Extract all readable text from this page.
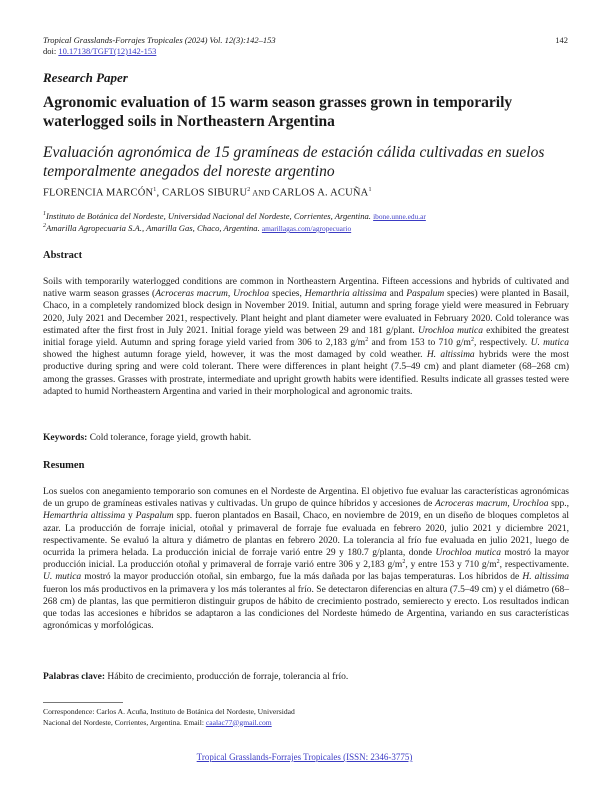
Tropical Grasslands-Forrajes Tropicales (2024) Vol. 12(3):142–153
doi: 10.17138/TGFT(12)142-153
142
Research Paper
Agronomic evaluation of 15 warm season grasses grown in temporarily waterlogged soils in Northeastern Argentina
Evaluación agronómica de 15 gramíneas de estación cálida cultivadas en suelos temporalmente anegados del noreste argentino
FLORENCIA MARCÓN$^1$, CARLOS SIBURU$^2$ AND CARLOS A. ACUÑA$^1$
$^1$Instituto de Botánica del Nordeste, Universidad Nacional del Nordeste, Corrientes, Argentina. ibone.unne.edu.ar
$^2$Amarilla Agropecuaria S.A., Amarilla Gas, Chaco, Argentina. amarillagas.com/agropecuario
Abstract
Soils with temporarily waterlogged conditions are common in Northeastern Argentina. Fifteen accessions and hybrids of cultivated and native warm season grasses (Acroceras macrum, Urochloa species, Hemarthria altissima and Paspalum species) were planted in Basail, Chaco, in a completely randomized block design in November 2019. Initial, autumn and spring forage yield were measured in February 2020, July 2021 and December 2021, respectively. Plant height and plant diameter were evaluated in February 2020. Cold tolerance was estimated after the first frost in July 2021. Initial forage yield was between 29 and 181 g/plant. Urochloa mutica exhibited the greatest initial forage yield. Autumn and spring forage yield varied from 306 to 2,183 $g/m^2$ and from 153 to 710 $g/m^2$, respectively. U. mutica showed the highest autumn forage yield, however, it was the most damaged by cold weather. H. altissima hybrids were the most productive during spring and were cold tolerant. There were differences in plant height (7.5–49 cm) and plant diameter (68–268 cm) among the grasses. Grasses with prostrate, intermediate and upright growth habits were identified. Results indicate all grasses tested were adapted to humid Northeastern Argentina and varied in their morphological and agronomic traits.
Keywords: Cold tolerance, forage yield, growth habit.
Resumen
Los suelos con anegamiento temporario son comunes en el Nordeste de Argentina. El objetivo fue evaluar las características agronómicas de un grupo de gramíneas estivales nativas y cultivadas. Un grupo de quince híbridos y accesiones de Acroceras macrum, Urochloa spp., Hemarthria altissima y Paspalum spp. fueron plantados en Basail, Chaco, en noviembre de 2019, en un diseño de bloques completos al azar. La producción de forraje inicial, otoñal y primaveral de forraje fue evaluada en febrero 2020, julio 2021 y diciembre 2021, respectivamente. Se evaluó la altura y diámetro de plantas en febrero 2020. La tolerancia al frío fue evaluada en julio 2021, luego de ocurrida la primera helada. La producción inicial de forraje varió entre 29 y 180.7 g/planta, donde Urochloa mutica mostró la mayor producción inicial. La producción otoñal y primaveral de forraje varió entre 306 y 2,183 $g/m^2$, y entre 153 y 710 $g/m^2$, respectivamente. U. mutica mostró la mayor producción otoñal, sin embargo, fue la más dañada por las bajas temperaturas. Los híbridos de H. altissima fueron los más productivos en la primavera y los más tolerantes al frío. Se detectaron diferencias en altura (7.5–49 cm) y el diámetro (68–268 cm) de plantas, las que permitieron distinguir grupos de hábito de crecimiento postrado, semierecto y erecto. Los resultados indican que todas las accesiones e híbridos se adaptaron a las condiciones del Nordeste húmedo de Argentina, variando en sus características agronómicas y morfológicas.
Palabras clave: Hábito de crecimiento, producción de forraje, tolerancia al frío.
Correspondence: Carlos A. Acuña, Instituto de Botánica del Nordeste, Universidad Nacional del Nordeste, Corrientes, Argentina. Email: caalac77@gmail.com
Tropical Grasslands-Forrajes Tropicales (ISSN: 2346-3775)
